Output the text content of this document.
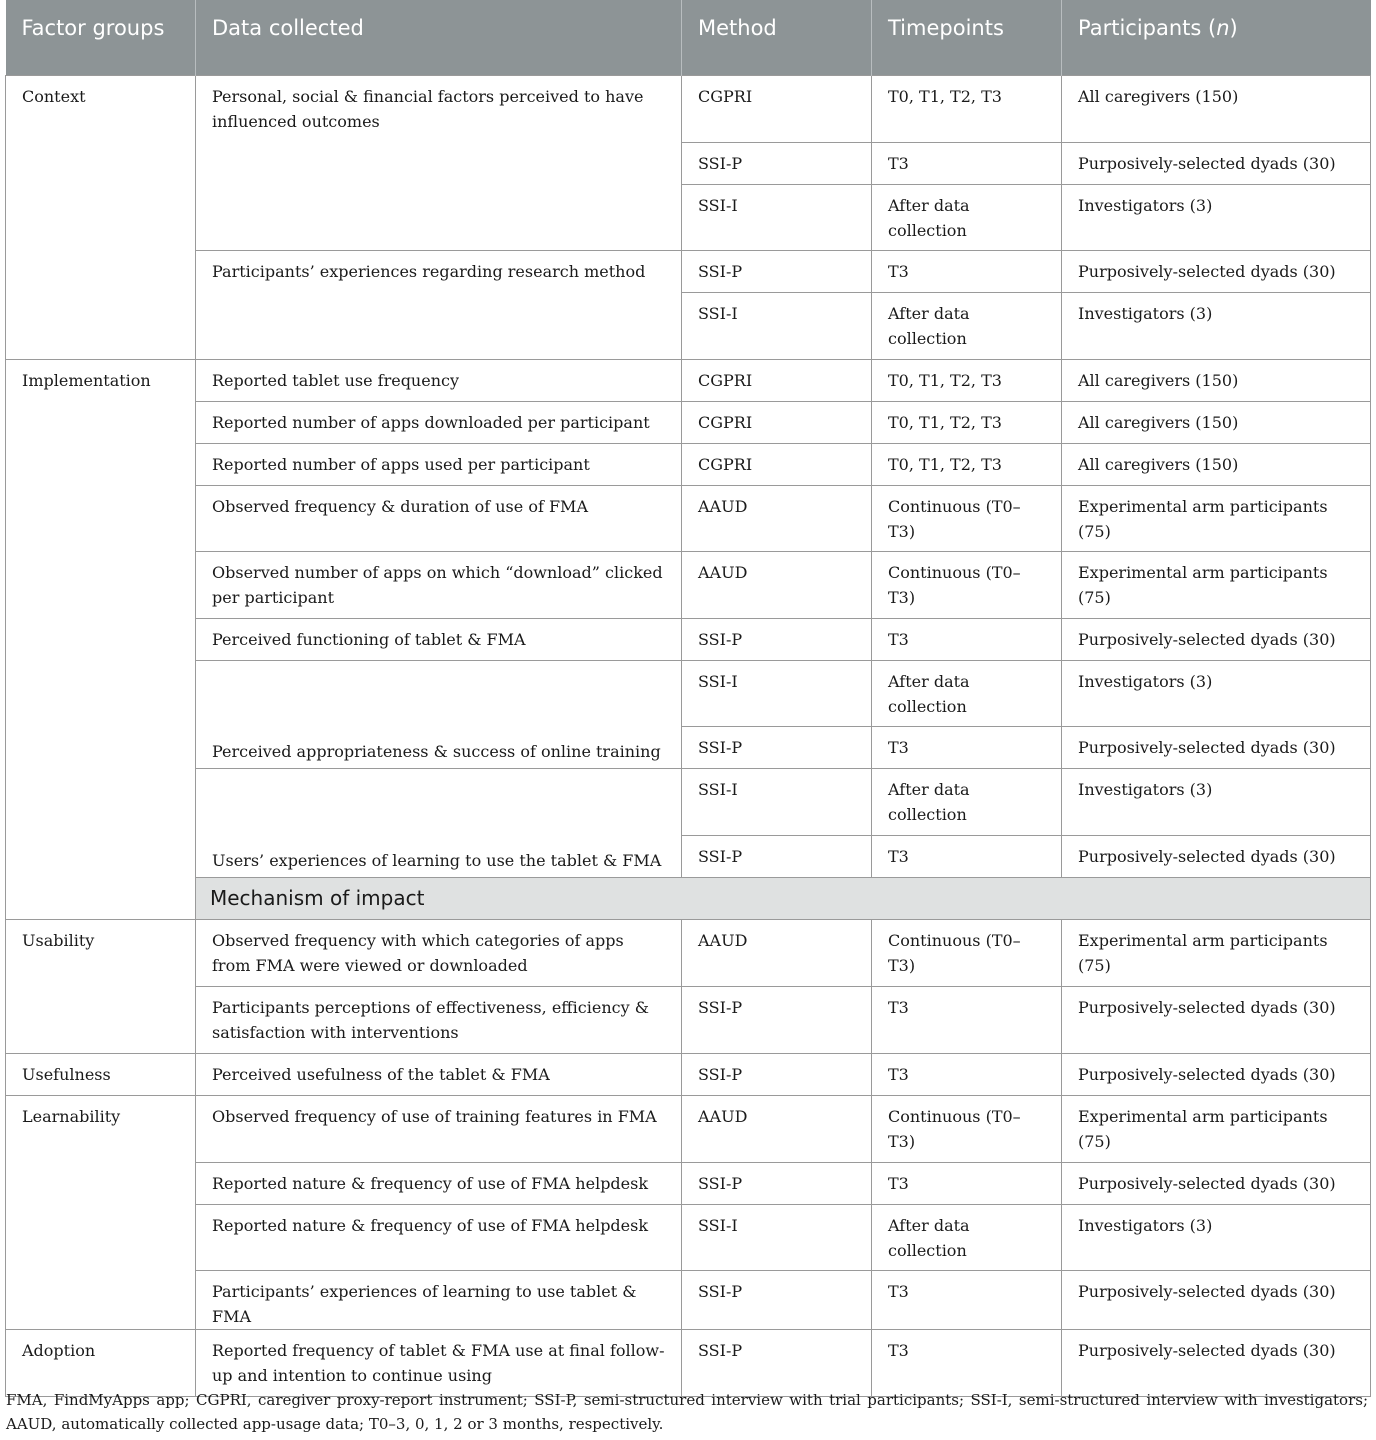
Factor groups	Data collected	Method	Timepoints	Participants (n)
Context	Personal, social & financial factors perceived to have influenced outcomes	CGPRI	T0, T1, T2, T3	All caregivers (150)
		SSI-P	T3	Purposively-selected dyads (30)
		SSI-I	After data collection	Investigators (3)
	Participants’ experiences regarding research method	SSI-P	T3	Purposively-selected dyads (30)
		SSI-I	After data collection	Investigators (3)
Implementation	Reported tablet use frequency	CGPRI	T0, T1, T2, T3	All caregivers (150)
	Reported number of apps downloaded per participant	CGPRI	T0, T1, T2, T3	All caregivers (150)
	Reported number of apps used per participant	CGPRI	T0, T1, T2, T3	All caregivers (150)
	Observed frequency & duration of use of FMA	AAUD	Continuous (T0–T3)	Experimental arm participants (75)
	Observed number of apps on which “download” clicked per participant	AAUD	Continuous (T0–T3)	Experimental arm participants (75)
	Perceived functioning of tablet & FMA	SSI-P	T3	Purposively-selected dyads (30)
	Perceived appropriateness & success of online training	SSI-I	After data collection	Investigators (3)
		SSI-P	T3	Purposively-selected dyads (30)
	Users’ experiences of learning to use the tablet & FMA	SSI-I	After data collection	Investigators (3)
		SSI-P	T3	Purposively-selected dyads (30)
	Mechanism of impact			
Usability	Observed frequency with which categories of apps from FMA were viewed or downloaded	AAUD	Continuous (T0–T3)	Experimental arm participants (75)
	Participants perceptions of effectiveness, efficiency & satisfaction with interventions	SSI-P	T3	Purposively-selected dyads (30)
Usefulness	Perceived usefulness of the tablet & FMA	SSI-P	T3	Purposively-selected dyads (30)
Learnability	Observed frequency of use of training features in FMA	AAUD	Continuous (T0–T3)	Experimental arm participants (75)
	Reported nature & frequency of use of FMA helpdesk	SSI-P	T3	Purposively-selected dyads (30)
	Reported nature & frequency of use of FMA helpdesk	SSI-I	After data collection	Investigators (3)
	Participants’ experiences of learning to use tablet & FMA	SSI-P	T3	Purposively-selected dyads (30)
Adoption	Reported frequency of tablet & FMA use at final follow-up and intention to continue using	SSI-P	T3	Purposively-selected dyads (30)
FMA, FindMyApps app; CGPRI, caregiver proxy-report instrument; SSI-P, semi-structured interview with trial participants; SSI-I, semi-structured interview with investigators; AAUD, automatically collected app-usage data; T0–3, 0, 1, 2 or 3 months, respectively.
